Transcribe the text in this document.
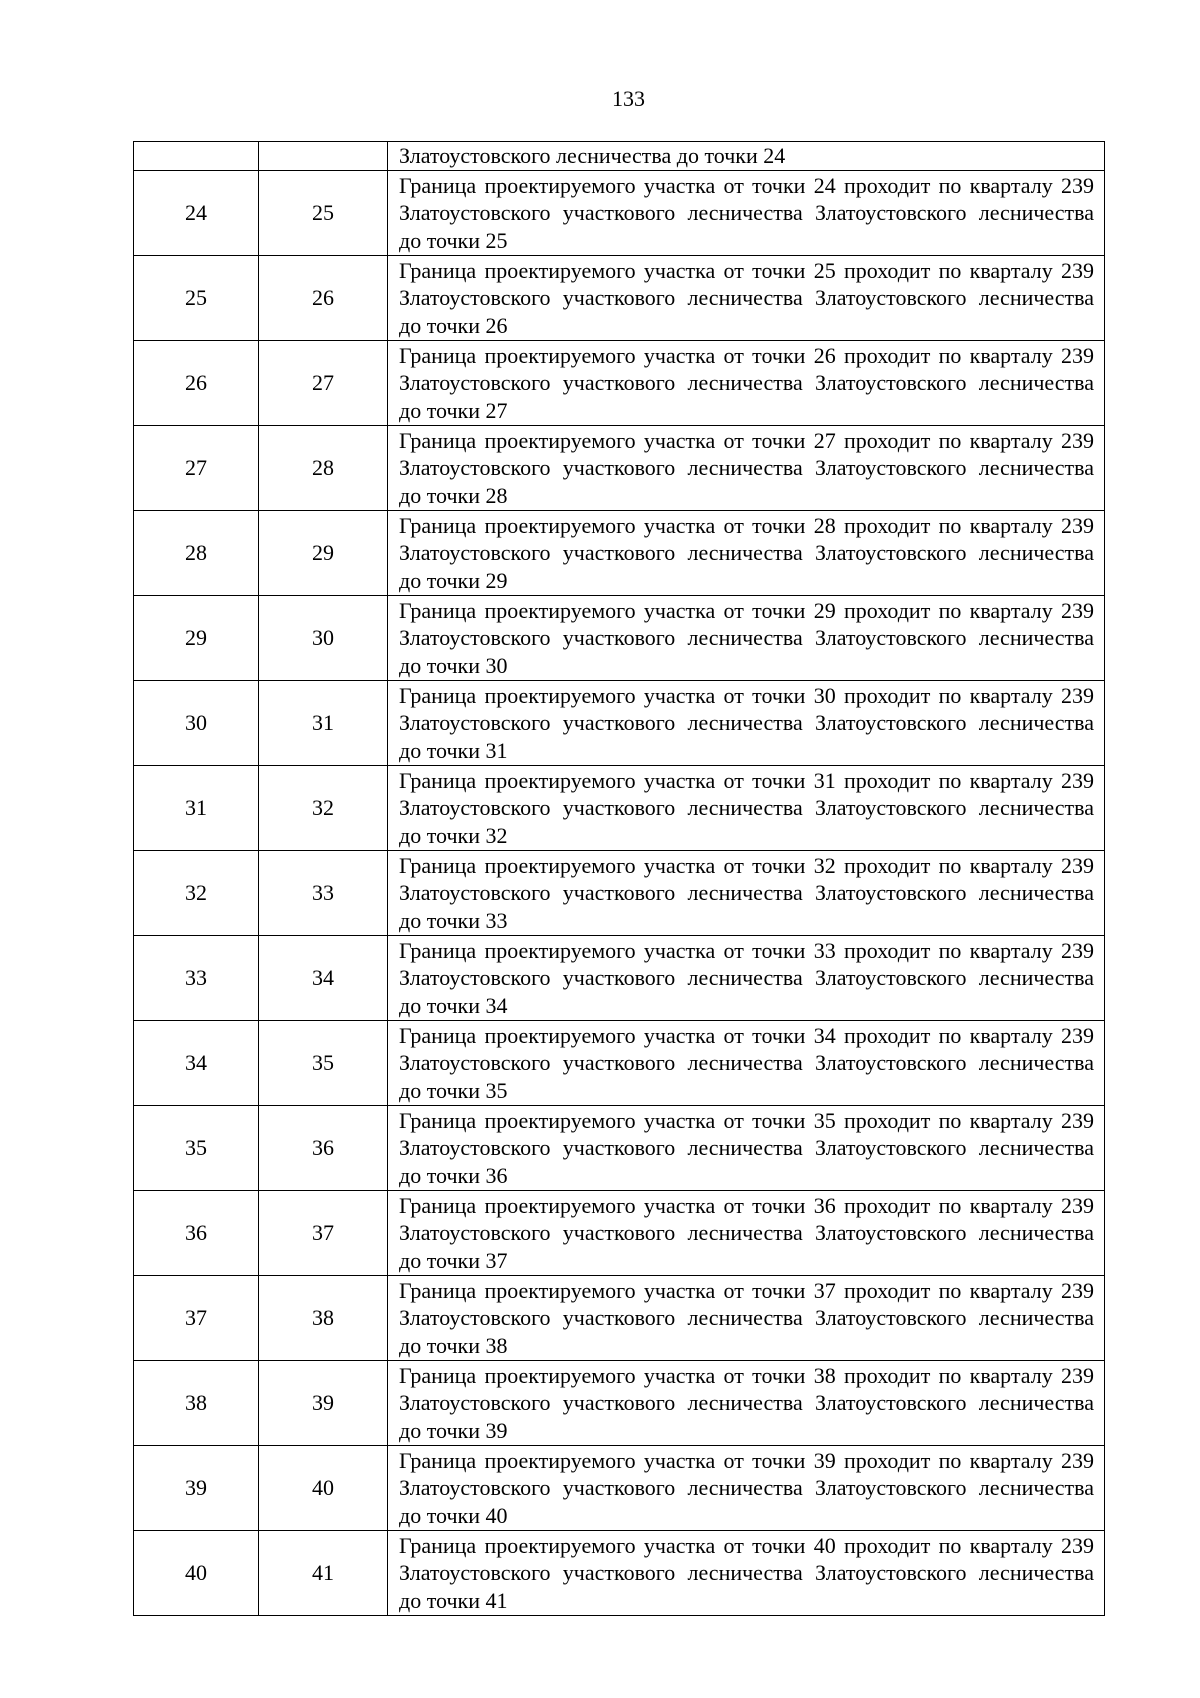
133
		Златоустовского лесничества до точки 24
24	25	Граница проектируемого участка от точки 24 проходит по кварталу 239 Златоустовского участкового лесничества Златоустовского лесничества до точки 25
25	26	Граница проектируемого участка от точки 25 проходит по кварталу 239 Златоустовского участкового лесничества Златоустовского лесничества до точки 26
26	27	Граница проектируемого участка от точки 26 проходит по кварталу 239 Златоустовского участкового лесничества Златоустовского лесничества до точки 27
27	28	Граница проектируемого участка от точки 27 проходит по кварталу 239 Златоустовского участкового лесничества Златоустовского лесничества до точки 28
28	29	Граница проектируемого участка от точки 28 проходит по кварталу 239 Златоустовского участкового лесничества Златоустовского лесничества до точки 29
29	30	Граница проектируемого участка от точки 29 проходит по кварталу 239 Златоустовского участкового лесничества Златоустовского лесничества до точки 30
30	31	Граница проектируемого участка от точки 30 проходит по кварталу 239 Златоустовского участкового лесничества Златоустовского лесничества до точки 31
31	32	Граница проектируемого участка от точки 31 проходит по кварталу 239 Златоустовского участкового лесничества Златоустовского лесничества до точки 32
32	33	Граница проектируемого участка от точки 32 проходит по кварталу 239 Златоустовского участкового лесничества Златоустовского лесничества до точки 33
33	34	Граница проектируемого участка от точки 33 проходит по кварталу 239 Златоустовского участкового лесничества Златоустовского лесничества до точки 34
34	35	Граница проектируемого участка от точки 34 проходит по кварталу 239 Златоустовского участкового лесничества Златоустовского лесничества до точки 35
35	36	Граница проектируемого участка от точки 35 проходит по кварталу 239 Златоустовского участкового лесничества Златоустовского лесничества до точки 36
36	37	Граница проектируемого участка от точки 36 проходит по кварталу 239 Златоустовского участкового лесничества Златоустовского лесничества до точки 37
37	38	Граница проектируемого участка от точки 37 проходит по кварталу 239 Златоустовского участкового лесничества Златоустовского лесничества до точки 38
38	39	Граница проектируемого участка от точки 38 проходит по кварталу 239 Златоустовского участкового лесничества Златоустовского лесничества до точки 39
39	40	Граница проектируемого участка от точки 39 проходит по кварталу 239 Златоустовского участкового лесничества Златоустовского лесничества до точки 40
40	41	Граница проектируемого участка от точки 40 проходит по кварталу 239 Златоустовского участкового лесничества Златоустовского лесничества до точки 41
